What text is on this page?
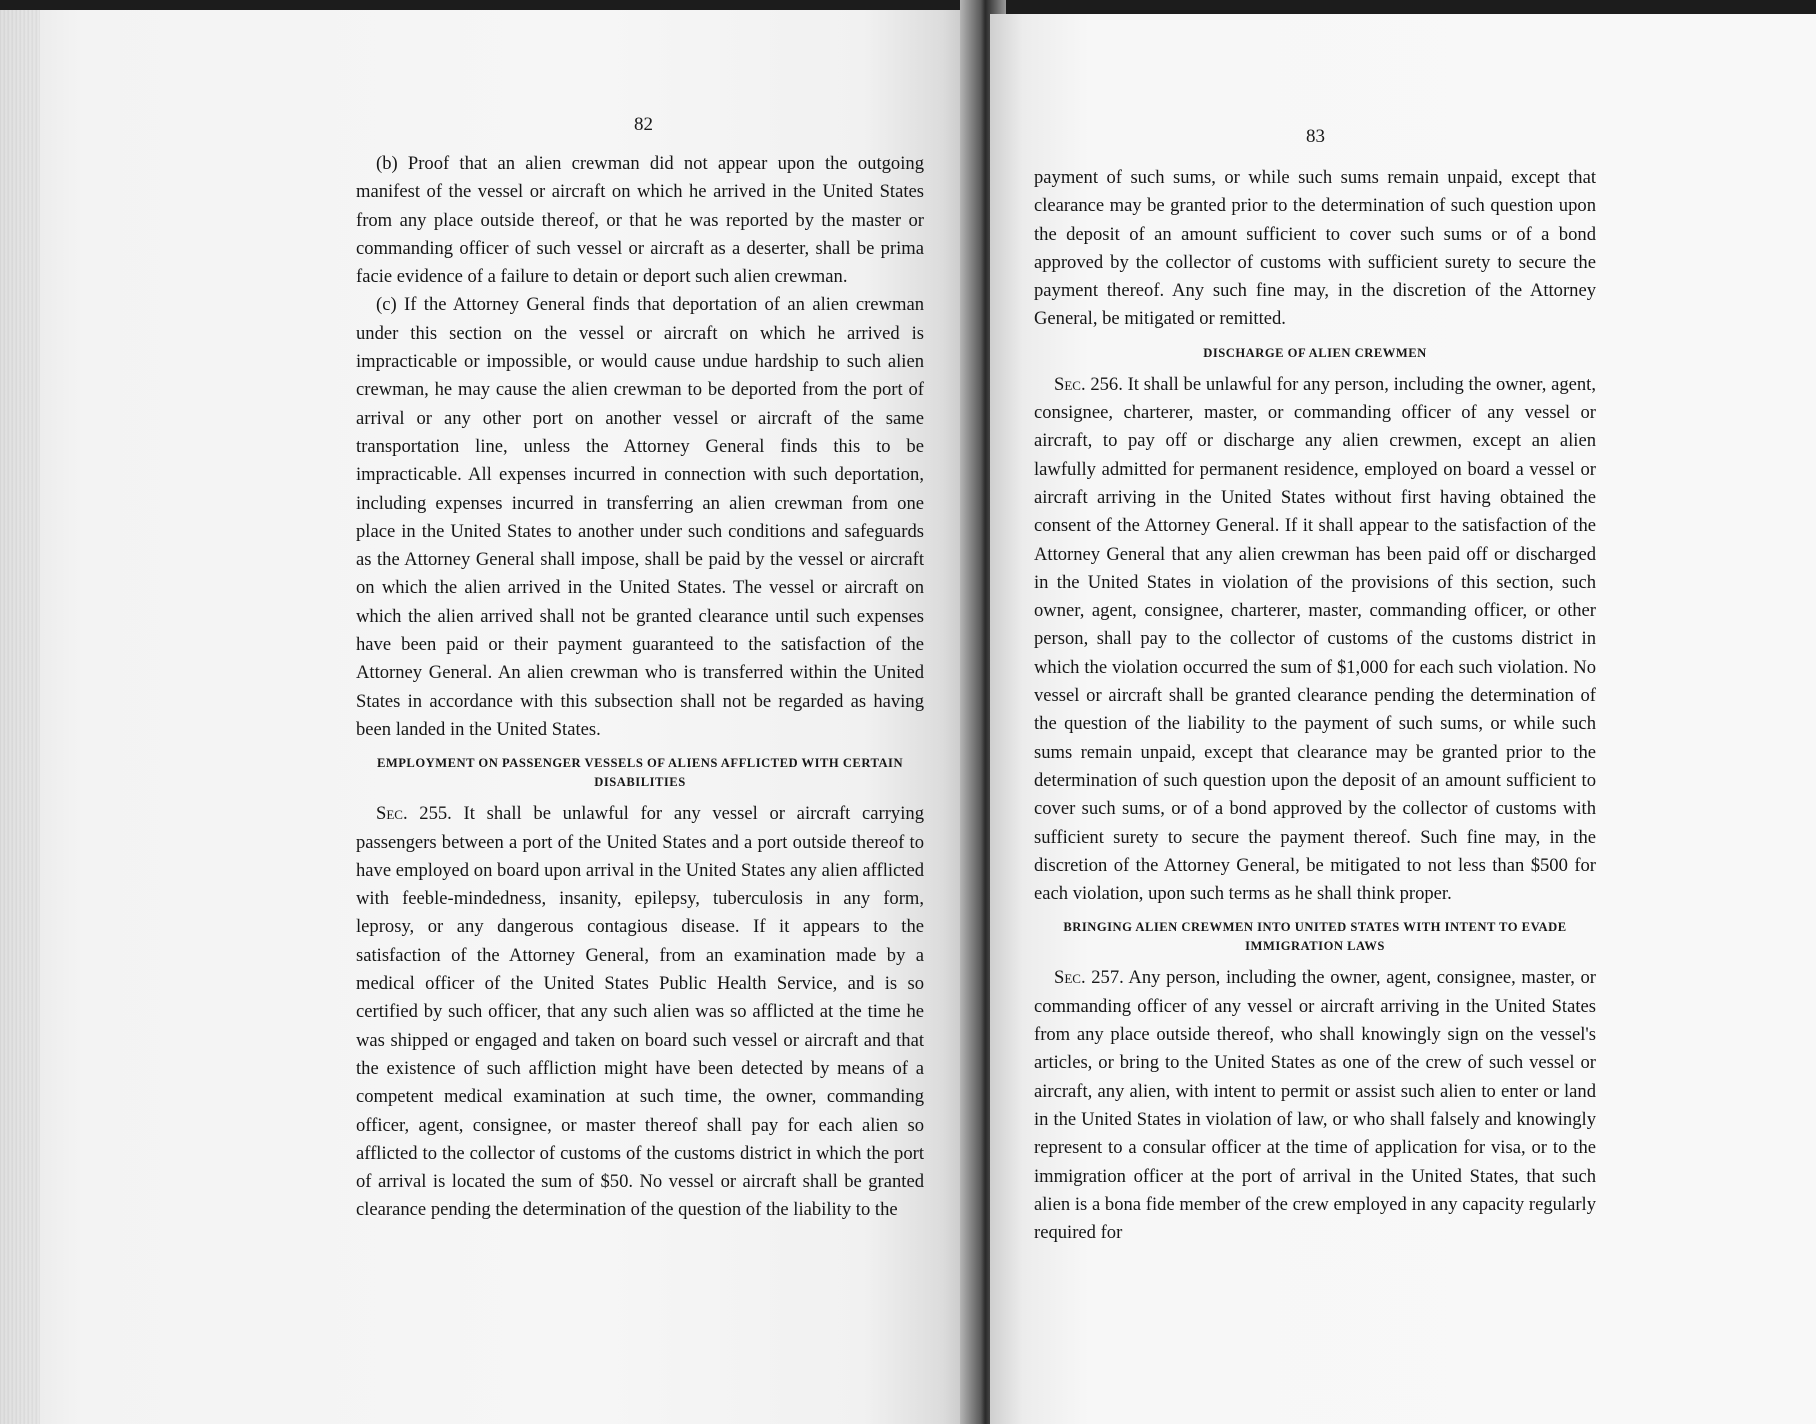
82

(b) Proof that an alien crewman did not appear upon the outgoing manifest of the vessel or aircraft on which he arrived in the United States from any place outside thereof, or that he was reported by the master or commanding officer of such vessel or aircraft as a deserter, shall be prima facie evidence of a failure to detain or deport such alien crewman.

(c) If the Attorney General finds that deportation of an alien crewman under this section on the vessel or aircraft on which he arrived is impracticable or impossible, or would cause undue hardship to such alien crewman, he may cause the alien crewman to be deported from the port of arrival or any other port on another vessel or aircraft of the same transportation line, unless the Attorney General finds this to be impracticable. All expenses incurred in connection with such deportation, including expenses incurred in transferring an alien crewman from one place in the United States to another under such conditions and safeguards as the Attorney General shall impose, shall be paid by the vessel or aircraft on which the alien arrived in the United States. The vessel or aircraft on which the alien arrived shall not be granted clearance until such expenses have been paid or their payment guaranteed to the satisfaction of the Attorney General. An alien crewman who is transferred within the United States in accordance with this subsection shall not be regarded as having been landed in the United States.

EMPLOYMENT ON PASSENGER VESSELS OF ALIENS AFFLICTED WITH CERTAIN DISABILITIES

Sec. 255. It shall be unlawful for any vessel or aircraft carrying passengers between a port of the United States and a port outside thereof to have employed on board upon arrival in the United States any alien afflicted with feeble-mindedness, insanity, epilepsy, tuberculosis in any form, leprosy, or any dangerous contagious disease. If it appears to the satisfaction of the Attorney General, from an examination made by a medical officer of the United States Public Health Service, and is so certified by such officer, that any such alien was so afflicted at the time he was shipped or engaged and taken on board such vessel or aircraft and that the existence of such affliction might have been detected by means of a competent medical examination at such time, the owner, commanding officer, agent, consignee, or master thereof shall pay for each alien so afflicted to the collector of customs of the customs district in which the port of arrival is located the sum of $50. No vessel or aircraft shall be granted clearance pending the determination of the question of the liability to the

83

payment of such sums, or while such sums remain unpaid, except that clearance may be granted prior to the determination of such question upon the deposit of an amount sufficient to cover such sums or of a bond approved by the collector of customs with sufficient surety to secure the payment thereof. Any such fine may, in the discretion of the Attorney General, be mitigated or remitted.

DISCHARGE OF ALIEN CREWMEN

Sec. 256. It shall be unlawful for any person, including the owner, agent, consignee, charterer, master, or commanding officer of any vessel or aircraft, to pay off or discharge any alien crewmen, except an alien lawfully admitted for permanent residence, employed on board a vessel or aircraft arriving in the United States without first having obtained the consent of the Attorney General. If it shall appear to the satisfaction of the Attorney General that any alien crewman has been paid off or discharged in the United States in violation of the provisions of this section, such owner, agent, consignee, charterer, master, commanding officer, or other person, shall pay to the collector of customs of the customs district in which the violation occurred the sum of $1,000 for each such violation. No vessel or aircraft shall be granted clearance pending the determination of the question of the liability to the payment of such sums, or while such sums remain unpaid, except that clearance may be granted prior to the determination of such question upon the deposit of an amount sufficient to cover such sums, or of a bond approved by the collector of customs with sufficient surety to secure the payment thereof. Such fine may, in the discretion of the Attorney General, be mitigated to not less than $500 for each violation, upon such terms as he shall think proper.

BRINGING ALIEN CREWMEN INTO UNITED STATES WITH INTENT TO EVADE IMMIGRATION LAWS

Sec. 257. Any person, including the owner, agent, consignee, master, or commanding officer of any vessel or aircraft arriving in the United States from any place outside thereof, who shall knowingly sign on the vessel's articles, or bring to the United States as one of the crew of such vessel or aircraft, any alien, with intent to permit or assist such alien to enter or land in the United States in violation of law, or who shall falsely and knowingly represent to a consular officer at the time of application for visa, or to the immigration officer at the port of arrival in the United States, that such alien is a bona fide member of the crew employed in any capacity regularly required for
